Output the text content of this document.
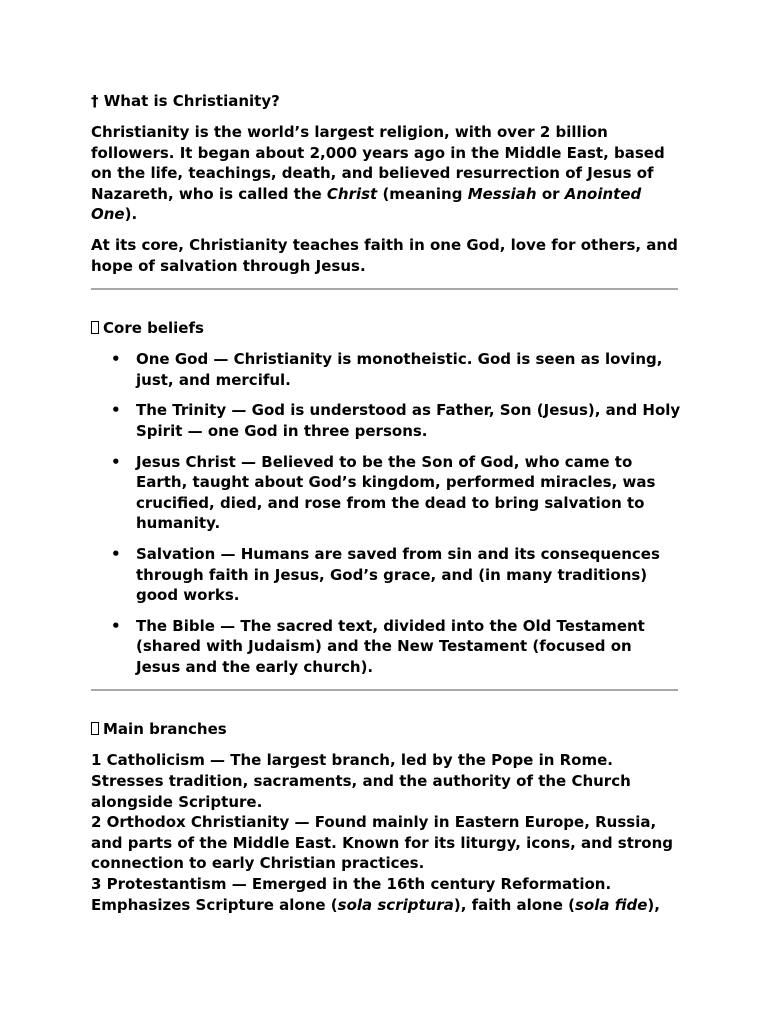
† What is Christianity?

Christianity is the world’s largest religion, with over 2 billion followers. It began about 2,000 years ago in the Middle East, based on the life, teachings, death, and believed resurrection of Jesus of Nazareth, who is called the Christ (meaning Messiah or Anointed One).

At its core, Christianity teaches faith in one God, love for others, and hope of salvation through Jesus.

Core beliefs

• One God — Christianity is monotheistic. God is seen as loving, just, and merciful.
• The Trinity — God is understood as Father, Son (Jesus), and Holy Spirit — one God in three persons.
• Jesus Christ — Believed to be the Son of God, who came to Earth, taught about God’s kingdom, performed miracles, was crucified, died, and rose from the dead to bring salvation to humanity.
• Salvation — Humans are saved from sin and its consequences through faith in Jesus, God’s grace, and (in many traditions) good works.
• The Bible — The sacred text, divided into the Old Testament (shared with Judaism) and the New Testament (focused on Jesus and the early church).

Main branches

1 Catholicism — The largest branch, led by the Pope in Rome. Stresses tradition, sacraments, and the authority of the Church alongside Scripture.
2 Orthodox Christianity — Found mainly in Eastern Europe, Russia, and parts of the Middle East. Known for its liturgy, icons, and strong connection to early Christian practices.
3 Protestantism — Emerged in the 16th century Reformation. Emphasizes Scripture alone (sola scriptura), faith alone (sola fide),
